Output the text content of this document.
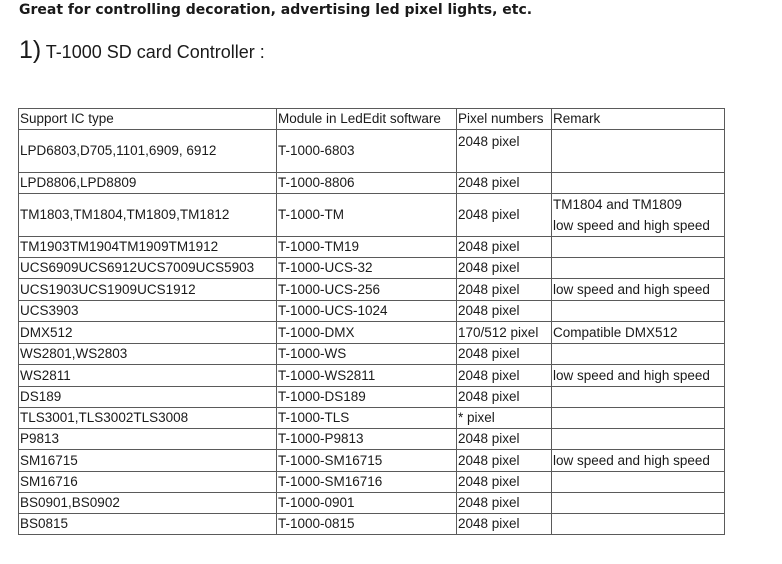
Great for controlling decoration, advertising led pixel lights, etc.
1) T-1000 SD card Controller :
Support IC type	Module in LedEdit software	Pixel numbers	Remark
LPD6803,D705,1101,6909, 6912	T-1000-6803	2048 pixel	
LPD8806,LPD8809	T-1000-8806	2048 pixel	
TM1803,TM1804,TM1809,TM1812	T-1000-TM	2048 pixel	TM1804 and TM1809
low speed and high speed

TM1903TM1904TM1909TM1912	T-1000-TM19	2048 pixel	
UCS6909UCS6912UCS7009UCS5903	T-1000-UCS-32	2048 pixel	
UCS1903UCS1909UCS1912	T-1000-UCS-256	2048 pixel	low speed and high speed

UCS3903	T-1000-UCS-1024	2048 pixel	
DMX512	T-1000-DMX	170/512 pixel	Compatible DMX512

WS2801,WS2803	T-1000-WS	2048 pixel	
WS2811	T-1000-WS2811	2048 pixel	low speed and high speed

DS189	T-1000-DS189	2048 pixel	
TLS3001,TLS3002TLS3008	T-1000-TLS	* pixel	
P9813	T-1000-P9813	2048 pixel	
SM16715	T-1000-SM16715	2048 pixel	low speed and high speed

SM16716	T-1000-SM16716	2048 pixel	
BS0901,BS0902	T-1000-0901	2048 pixel	
BS0815	T-1000-0815	2048 pixel	
